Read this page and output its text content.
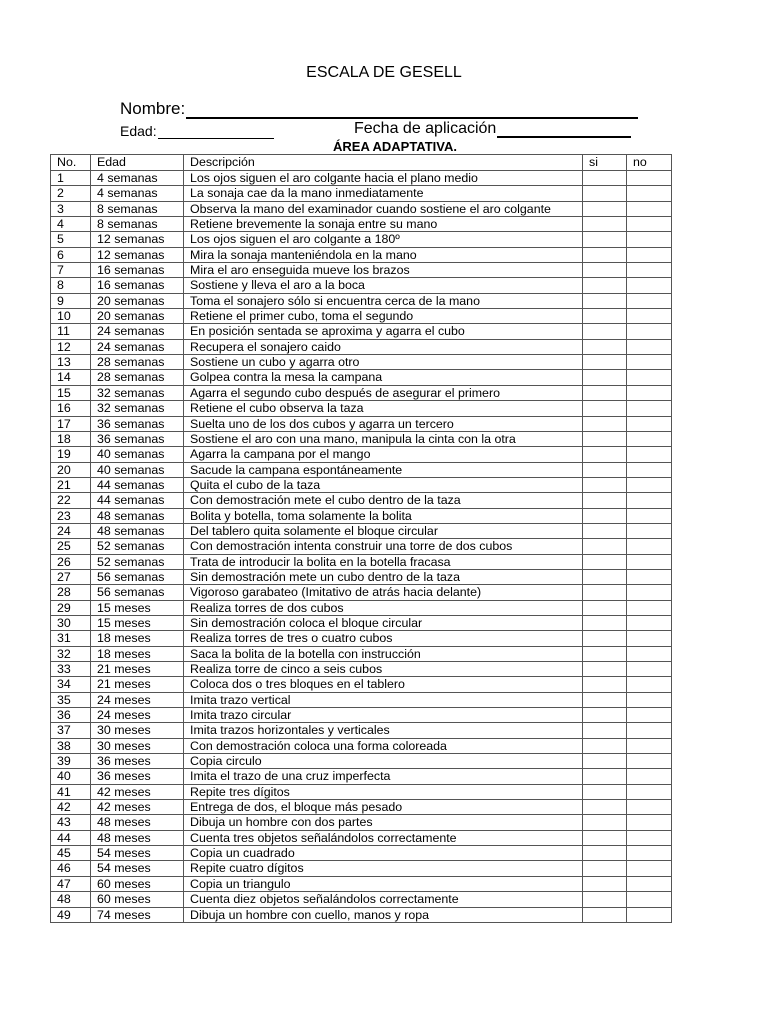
ESCALA DE GESELL
Nombre:
Edad:	Fecha de aplicación
ÁREA ADAPTATIVA.
No.	Edad	Descripción	si	no
1	4 semanas	Los ojos siguen el aro colgante hacia el plano medio		
2	4 semanas	La sonaja cae da la mano inmediatamente		
3	8 semanas	Observa la mano del examinador cuando sostiene el aro colgante		
4	8 semanas	Retiene brevemente la sonaja entre su mano		
5	12 semanas	Los ojos siguen el aro colgante a 180º		
6	12 semanas	Mira la sonaja manteniéndola en la mano		
7	16 semanas	Mira el aro enseguida mueve los brazos		
8	16 semanas	Sostiene y lleva el aro a la boca		
9	20 semanas	Toma el sonajero sólo si encuentra cerca de la mano		
10	20 semanas	Retiene el primer cubo, toma el segundo		
11	24 semanas	En posición sentada se aproxima y agarra el cubo		
12	24 semanas	Recupera el sonajero caido		
13	28 semanas	Sostiene un cubo y agarra otro		
14	28 semanas	Golpea contra la mesa la campana		
15	32 semanas	Agarra el segundo cubo después de asegurar el primero		
16	32 semanas	Retiene el cubo observa la taza		
17	36 semanas	Suelta uno de los dos cubos y agarra un tercero		
18	36 semanas	Sostiene el aro con una mano, manipula la cinta con la otra		
19	40 semanas	Agarra la campana por el mango		
20	40 semanas	Sacude la campana espontáneamente		
21	44 semanas	Quita el cubo de la taza		
22	44 semanas	Con demostración mete el cubo dentro de la taza		
23	48 semanas	Bolita y botella, toma solamente la bolita		
24	48 semanas	Del tablero quita solamente el bloque circular		
25	52 semanas	Con demostración intenta construir una torre de dos cubos		
26	52 semanas	Trata de introducir la bolita en la botella fracasa		
27	56 semanas	Sin demostración mete un cubo dentro de la taza		
28	56 semanas	Vigoroso garabateo (Imitativo de atrás hacia delante)		
29	15 meses	Realiza torres de dos cubos		
30	15 meses	Sin demostración coloca el bloque circular		
31	18 meses	Realiza torres de tres o cuatro cubos		
32	18 meses	Saca la bolita de la botella con instrucción		
33	21 meses	Realiza torre de cinco a seis cubos		
34	21 meses	Coloca dos o tres bloques en el tablero		
35	24 meses	Imita trazo vertical		
36	24 meses	Imita trazo circular		
37	30 meses	Imita trazos horizontales y verticales		
38	30 meses	Con demostración coloca una forma coloreada		
39	36 meses	Copia circulo		
40	36 meses	Imita el trazo de una cruz imperfecta		
41	42 meses	Repite tres dígitos		
42	42 meses	Entrega de dos, el bloque más pesado		
43	48 meses	Dibuja un hombre con dos partes		
44	48 meses	Cuenta tres objetos señalándolos correctamente		
45	54 meses	Copia un cuadrado		
46	54 meses	Repite cuatro dígitos		
47	60 meses	Copia un triangulo		
48	60 meses	Cuenta diez objetos señalándolos correctamente		
49	74 meses	Dibuja un hombre con cuello, manos y ropa		
